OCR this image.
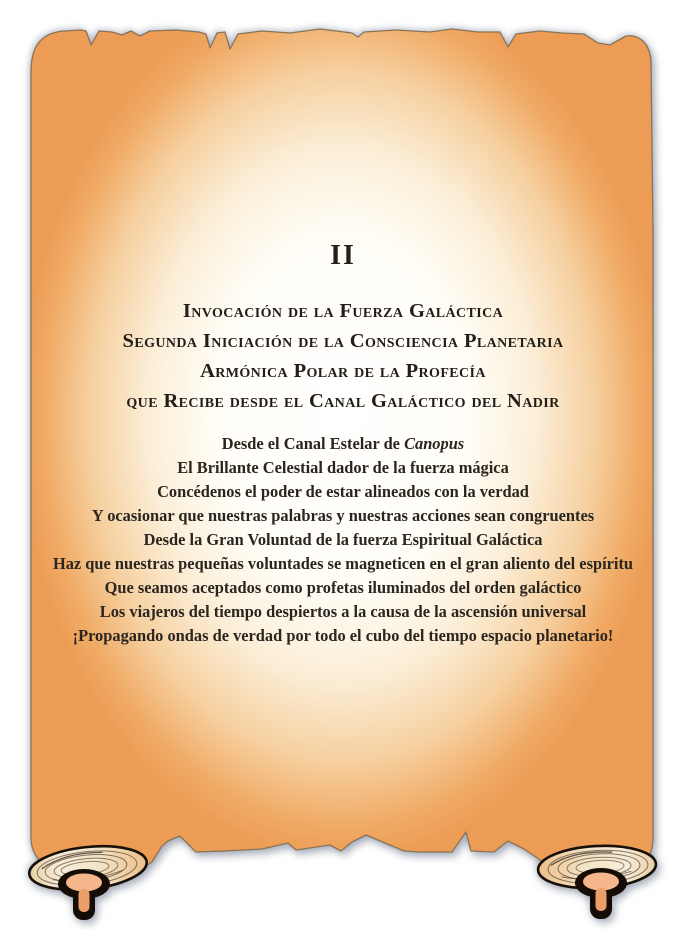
II
Invocación de la Fuerza Galáctica
Segunda Iniciación de la Consciencia Planetaria
Armónica Polar de la Profecía
que Recibe desde el Canal Galáctico del Nadir
Desde el Canal Estelar de Canopus
El Brillante Celestial dador de la fuerza mágica
Concédenos el poder de estar alineados con la verdad
Y ocasionar que nuestras palabras y nuestras acciones sean congruentes
Desde la Gran Voluntad de la fuerza Espiritual Galáctica
Haz que nuestras pequeñas voluntades se magneticen en el gran aliento del espíritu
Que seamos aceptados como profetas iluminados del orden galáctico
Los viajeros del tiempo despiertos a la causa de la ascensión universal
¡Propagando ondas de verdad por todo el cubo del tiempo espacio planetario!
